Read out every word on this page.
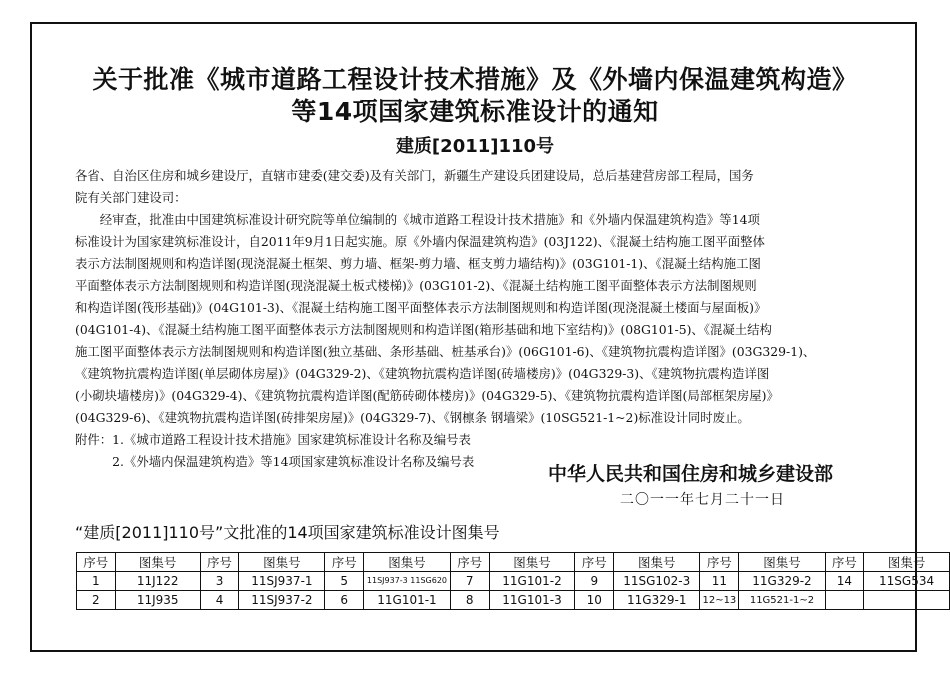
关于批准《城市道路工程设计技术措施》及《外墙内保温建筑构造》
等14项国家建筑标准设计的通知
建质[2011]110号
各省、自治区住房和城乡建设厅，直辖市建委(建交委)及有关部门，新疆生产建设兵团建设局，总后基建营房部工程局，国务
院有关部门建设司：
　　经审查，批准由中国建筑标准设计研究院等单位编制的《城市道路工程设计技术措施》和《外墙内保温建筑构造》等14项
标准设计为国家建筑标准设计，自2011年9月1日起实施。原《外墙内保温建筑构造》(03J122)、《混凝土结构施工图平面整体
表示方法制图规则和构造详图(现浇混凝土框架、剪力墙、框架-剪力墙、框支剪力墙结构)》(03G101-1)、《混凝土结构施工图
平面整体表示方法制图规则和构造详图(现浇混凝土板式楼梯)》(03G101-2)、《混凝土结构施工图平面整体表示方法制图规则
和构造详图(筏形基础)》(04G101-3)、《混凝土结构施工图平面整体表示方法制图规则和构造详图(现浇混凝土楼面与屋面板)》
(04G101-4)、《混凝土结构施工图平面整体表示方法制图规则和构造详图(箱形基础和地下室结构)》(08G101-5)、《混凝土结构
施工图平面整体表示方法制图规则和构造详图(独立基础、条形基础、桩基承台)》(06G101-6)、《建筑物抗震构造详图》(03G329-1)、
《建筑物抗震构造详图(单层砌体房屋)》(04G329-2)、《建筑物抗震构造详图(砖墙楼房)》(04G329-3)、《建筑物抗震构造详图
(小砌块墙楼房)》(04G329-4)、《建筑物抗震构造详图(配筋砖砌体楼房)》(04G329-5)、《建筑物抗震构造详图(局部框架房屋)》
(04G329-6)、《建筑物抗震构造详图(砖排架房屋)》(04G329-7)、《钢檩条 钢墙梁》(10SG521-1~2)标准设计同时废止。
附件：1.《城市道路工程设计技术措施》国家建筑标准设计名称及编号表
　　　2.《外墙内保温建筑构造》等14项国家建筑标准设计名称及编号表
中华人民共和国住房和城乡建设部
二〇一一年七月二十一日
“建质[2011]110号”文批准的14项国家建筑标准设计图集号
序号	图集号	序号	图集号	序号	图集号	序号	图集号	序号	图集号	序号	图集号	序号	图集号
1	11J122	3	11SJ937-1	5	11SJ937-3 11SG620	7	11G101-2	9	11SG102-3	11	11G329-2	14	11SG534
2	11J935	4	11SJ937-2	6	11G101-1	8	11G101-3	10	11G329-1	12~13	11G521-1~2		
